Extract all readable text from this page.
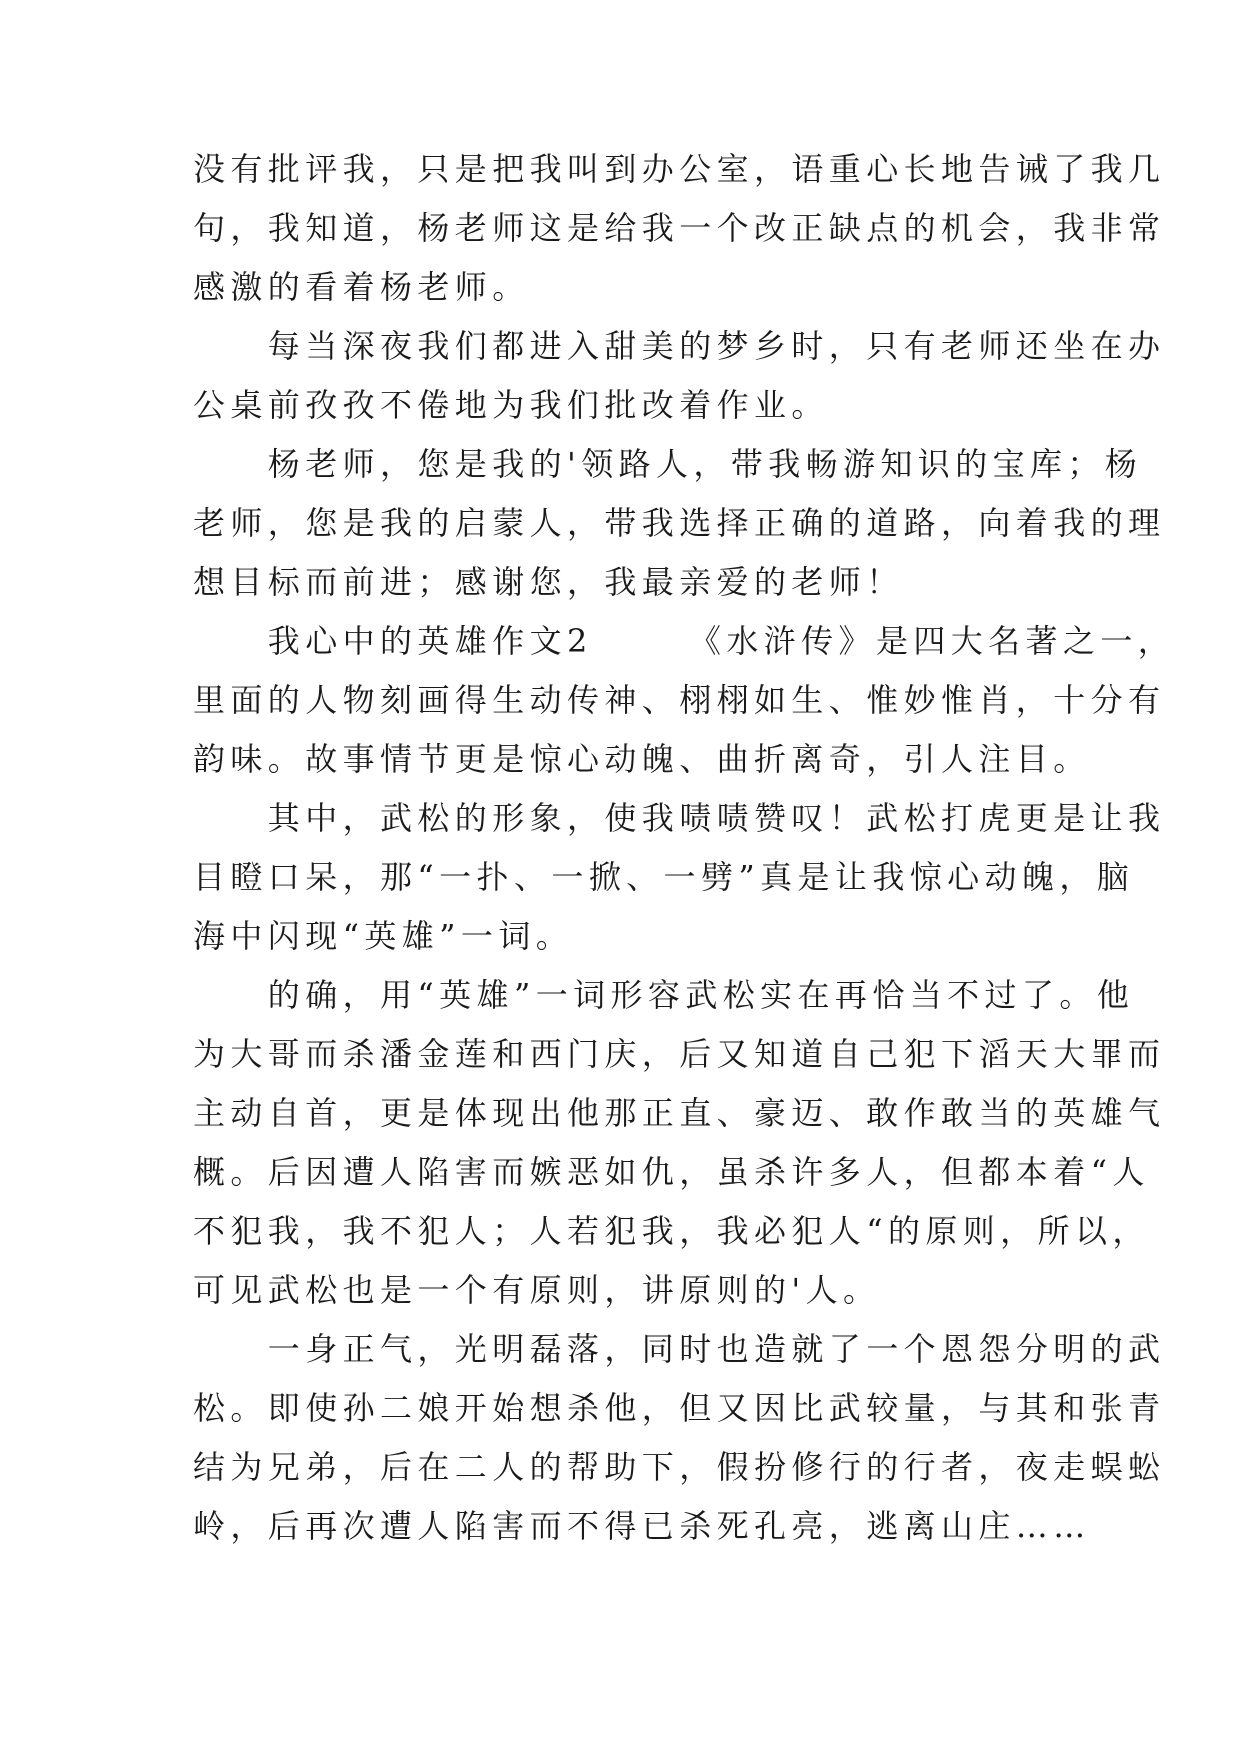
没有批评我，只是把我叫到办公室，语重心长地告诫了我几
句，我知道，杨老师这是给我一个改正缺点的机会，我非常
感激的看着杨老师。
　　每当深夜我们都进入甜美的梦乡时，只有老师还坐在办
公桌前孜孜不倦地为我们批改着作业。
　　杨老师，您是我的'领路人，带我畅游知识的宝库；杨
老师，您是我的启蒙人，带我选择正确的道路，向着我的理
想目标而前进；感谢您，我最亲爱的老师！
　　我心中的英雄作文2　　　《水浒传》是四大名著之一，
里面的人物刻画得生动传神、栩栩如生、惟妙惟肖，十分有
韵味。故事情节更是惊心动魄、曲折离奇，引人注目。
　　其中，武松的形象，使我啧啧赞叹！武松打虎更是让我
目瞪口呆，那“一扑、一掀、一劈”真是让我惊心动魄，脑
海中闪现“英雄”一词。
　　的确，用“英雄”一词形容武松实在再恰当不过了。他
为大哥而杀潘金莲和西门庆，后又知道自己犯下滔天大罪而
主动自首，更是体现出他那正直、豪迈、敢作敢当的英雄气
概。后因遭人陷害而嫉恶如仇，虽杀许多人，但都本着“人
不犯我，我不犯人；人若犯我，我必犯人“的原则，所以，
可见武松也是一个有原则，讲原则的'人。
　　一身正气，光明磊落，同时也造就了一个恩怨分明的武
松。即使孙二娘开始想杀他，但又因比武较量，与其和张青
结为兄弟，后在二人的帮助下，假扮修行的行者，夜走蜈蚣
岭，后再次遭人陷害而不得已杀死孔亮，逃离山庄……
